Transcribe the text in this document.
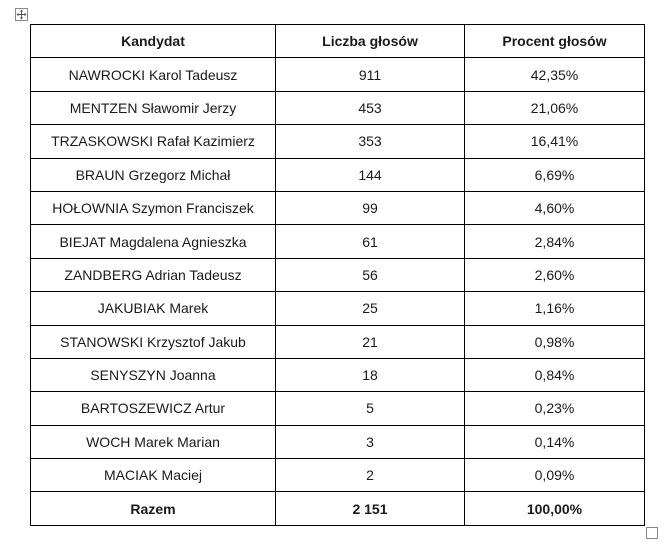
Kandydat	Liczba głosów	Procent głosów
NAWROCKI Karol Tadeusz	911	42,35%
MENTZEN Sławomir Jerzy	453	21,06%
TRZASKOWSKI Rafał Kazimierz	353	16,41%
BRAUN Grzegorz Michał	144	6,69%
HOŁOWNIA Szymon Franciszek	99	4,60%
BIEJAT Magdalena Agnieszka	61	2,84%
ZANDBERG Adrian Tadeusz	56	2,60%
JAKUBIAK Marek	25	1,16%
STANOWSKI Krzysztof Jakub	21	0,98%
SENYSZYN Joanna	18	0,84%
BARTOSZEWICZ Artur	5	0,23%
WOCH Marek Marian	3	0,14%
MACIAK Maciej	2	0,09%
Razem	2 151	100,00%
